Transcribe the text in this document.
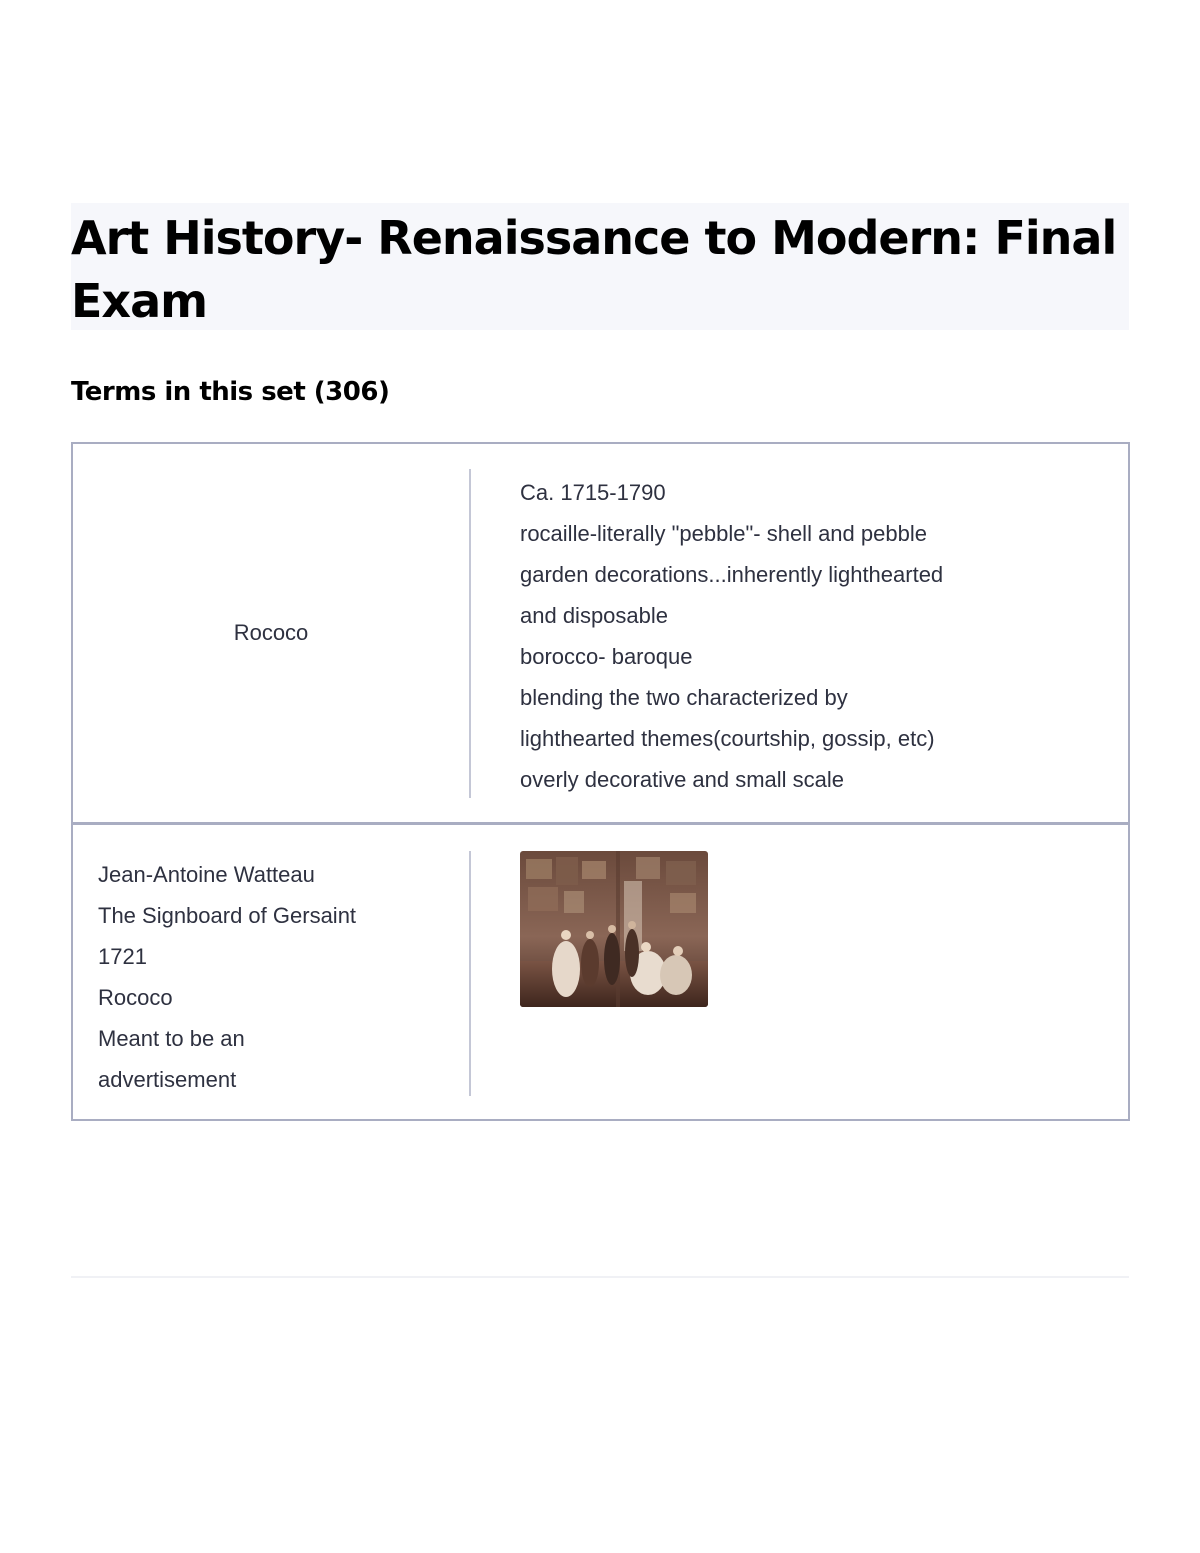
Art History- Renaissance to Modern: Final Exam
Terms in this set (306)
Rococo
Ca. 1715-1790
rocaille-literally "pebble"- shell and pebble
garden decorations...inherently lighthearted
and disposable
borocco- baroque
blending the two characterized by
lighthearted themes(courtship, gossip, etc)
overly decorative and small scale
Jean-Antoine Watteau
The Signboard of Gersaint
1721
Rococo
Meant to be an
advertisement
